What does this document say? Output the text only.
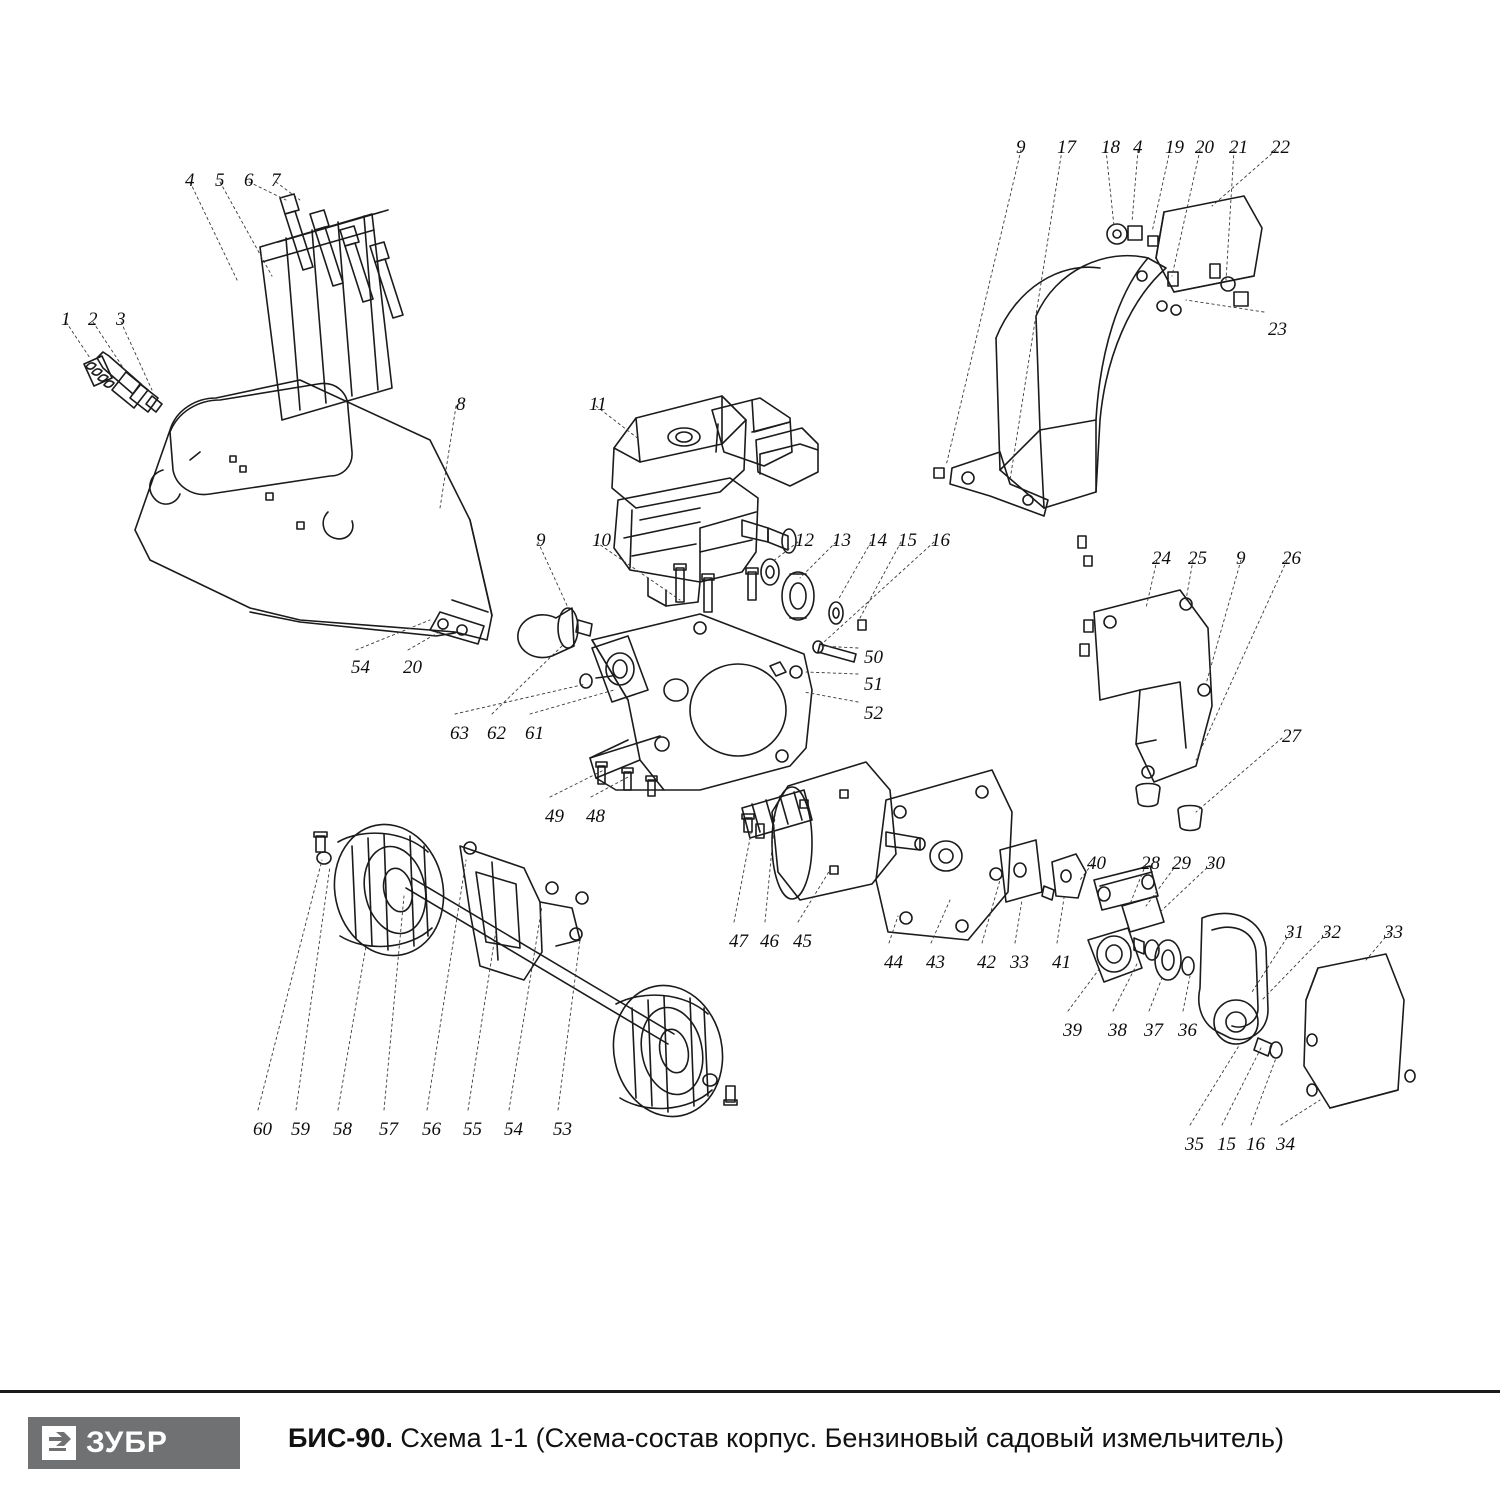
4 5 6 7
1 2 3
8	11
9 10	12 13 14 15 16
9 17 18 4 19 20 21 22
23
54 20
63 62 61
50
51
52
49 48
24 25 9 26
27
47 46 45
44 43 42 33 41
40 28 29 30
39 38 37 36
31 32 33
35 15 16 34
60 59 58 57 56 55 54 53
ЗУБР	БИС-90. Схема 1-1 (Схема-состав корпус. Бензиновый садовый измельчитель)
